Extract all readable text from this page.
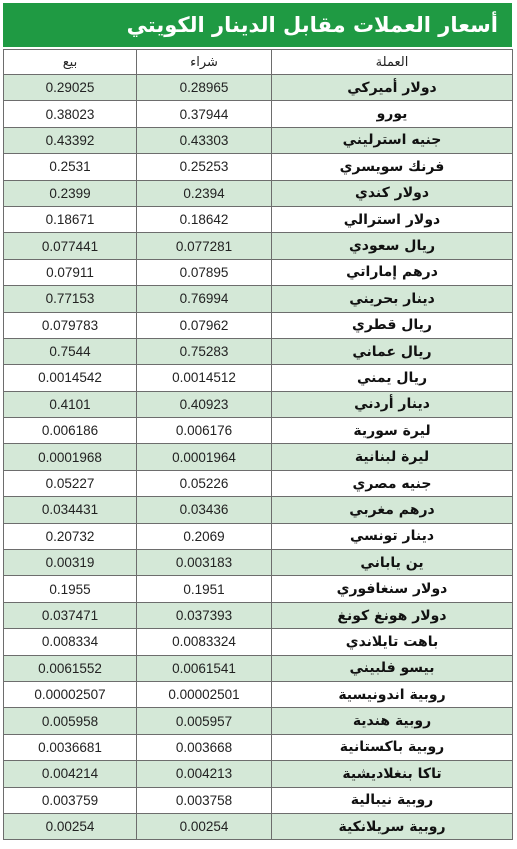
أسعار العملات مقابل الدينار الكويتي
بيع	شراء	العملة
0.29025	0.28965	دولار أميركي
0.38023	0.37944	يورو
0.43392	0.43303	جنيه استرليني
0.2531	0.25253	فرنك سويسري
0.2399	0.2394	دولار كندي
0.18671	0.18642	دولار استرالي
0.077441	0.077281	ريال سعودي
0.07911	0.07895	درهم إماراتي
0.77153	0.76994	دينار بحريني
0.079783	0.07962	ريال قطري
0.7544	0.75283	ريال عماني
0.0014542	0.0014512	ريال يمني
0.4101	0.40923	دينار أردني
0.006186	0.006176	ليرة سورية
0.0001968	0.0001964	ليرة لبنانية
0.05227	0.05226	جنيه مصري
0.034431	0.03436	درهم مغربي
0.20732	0.2069	دينار تونسي
0.00319	0.003183	ين ياباني
0.1955	0.1951	دولار سنغافوري
0.037471	0.037393	دولار هونغ كونغ
0.008334	0.0083324	باهت تايلاندي
0.0061552	0.0061541	بيسو فلبيني
0.00002507	0.00002501	روبية اندونيسية
0.005958	0.005957	روبية هندية
0.0036681	0.003668	روبية باكستانية
0.004214	0.004213	تاكا بنغلاديشية
0.003759	0.003758	روبية نيبالية
0.00254	0.00254	روبية سريلانكية
